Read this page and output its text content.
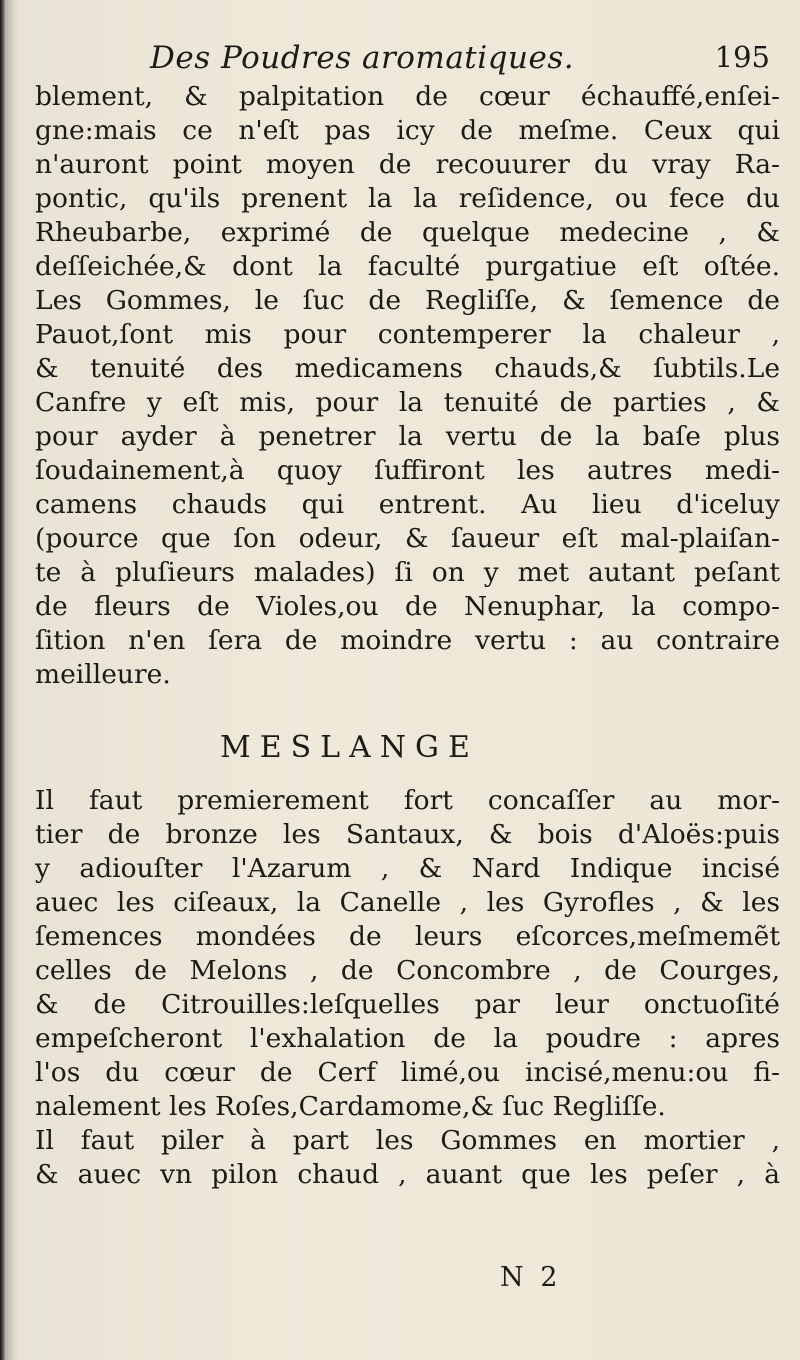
Des Poudres aromatiques.	195
blement, & palpitation de cœur échauffé,enſei-
gne:mais ce n'eſt pas icy de meſme. Ceux qui
n'auront point moyen de recouurer du vray Ra-
pontic, qu'ils prenent la la reſidence, ou fece du
Rheubarbe, exprimé de quelque medecine , &
deſſeichée,& dont la faculté purgatiue eſt oſtée.
Les Gommes, le ſuc de Regliſſe, & ſemence de
Pauot,ſont mis pour contemperer la chaleur ,
& tenuité des medicamens chauds,& ſubtils.Le
Canfre y eſt mis, pour la tenuité de parties , &
pour ayder à penetrer la vertu de la baſe plus
ſoudainement,à quoy ſuffiront les autres medi-
camens chauds qui entrent. Au lieu d'iceluy
(pource que ſon odeur, & ſaueur eſt mal-plaiſan-
te à pluſieurs malades) ſi on y met autant peſant
de fleurs de Violes,ou de Nenuphar, la compo-
ſition n'en ſera de moindre vertu : au contraire
meilleure.
MESLANGE
Il faut premierement fort concaſſer au mor-
tier de bronze les Santaux, & bois d'Aloës:puis
y adiouſter l'Azarum , & Nard Indique incisé
auec les ciſeaux, la Canelle , les Gyrofles , & les
ſemences mondées de leurs eſcorces,meſmemẽt
celles de Melons , de Concombre , de Courges,
& de Citrouilles:leſquelles par leur onctuoſité
empeſcheront l'exhalation de la poudre : apres
l'os du cœur de Cerf limé,ou incisé,menu:ou fi-
nalement les Roſes,Cardamome,& ſuc Regliſſe.
Il faut piler à part les Gommes en mortier ,
& auec vn pilon chaud , auant que les peſer , à
N 2
